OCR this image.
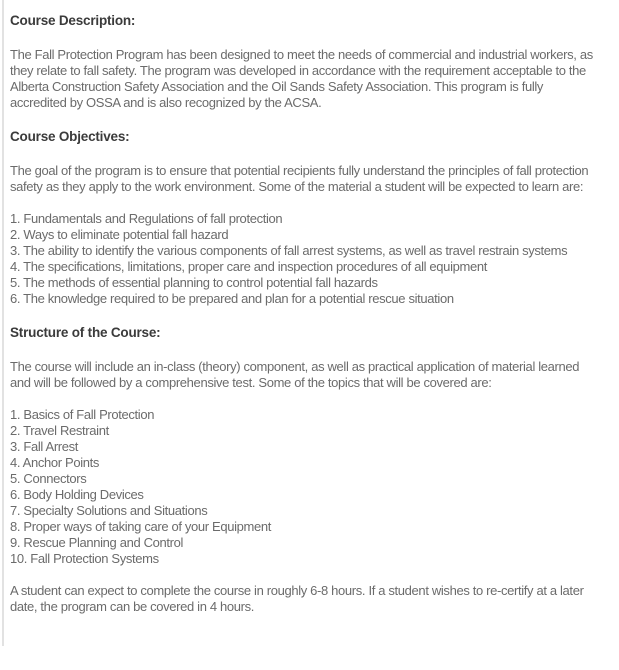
Course Description:
The Fall Protection Program has been designed to meet the needs of commercial and industrial workers, as they relate to fall safety. The program was developed in accordance with the requirement acceptable to the Alberta Construction Safety Association and the Oil Sands Safety Association. This program is fully accredited by OSSA and is also recognized by the ACSA.
Course Objectives:
The goal of the program is to ensure that potential recipients fully understand the principles of fall protection safety as they apply to the work environment. Some of the material a student will be expected to learn are:
1. Fundamentals and Regulations of fall protection
2. Ways to eliminate potential fall hazard
3. The ability to identify the various components of fall arrest systems, as well as travel restrain systems
4. The specifications, limitations, proper care and inspection procedures of all equipment
5. The methods of essential planning to control potential fall hazards
6. The knowledge required to be prepared and plan for a potential rescue situation
Structure of the Course:
The course will include an in-class (theory) component, as well as practical application of material learned and will be followed by a comprehensive test. Some of the topics that will be covered are:
1. Basics of Fall Protection
2. Travel Restraint
3. Fall Arrest
4. Anchor Points
5. Connectors
6. Body Holding Devices
7. Specialty Solutions and Situations
8. Proper ways of taking care of your Equipment
9. Rescue Planning and Control
10. Fall Protection Systems
A student can expect to complete the course in roughly 6-8 hours. If a student wishes to re-certify at a later date, the program can be covered in 4 hours.
